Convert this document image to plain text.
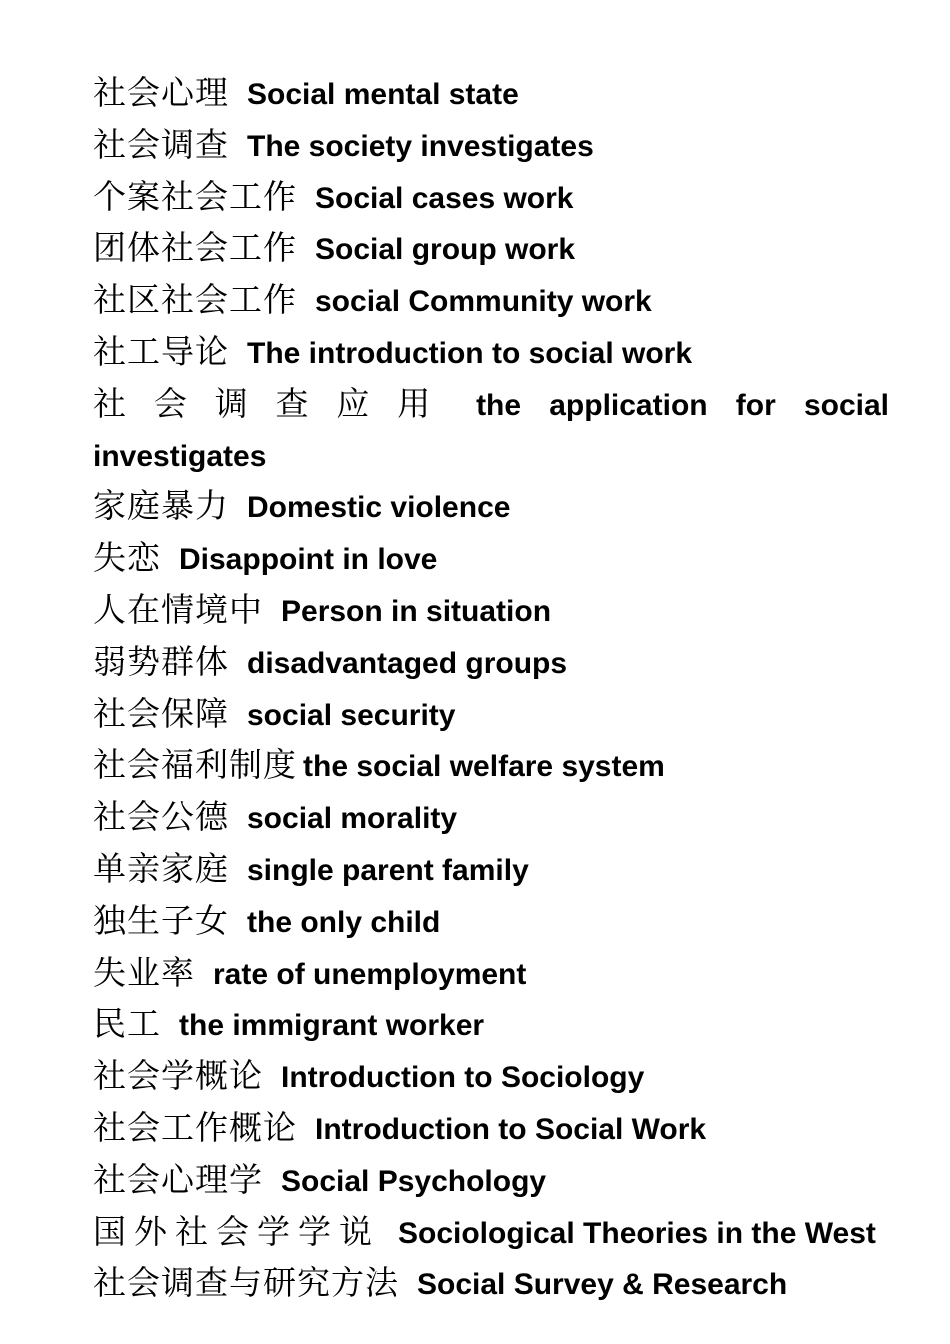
社会心理 Social mental state
社会调查 The society investigates
个案社会工作 Social cases work
团体社会工作 Social group work
社区社会工作 social Community work
社工导论 The introduction to social work
社会调查应用 the application for social investigates
家庭暴力 Domestic violence
失恋 Disappoint in love
人在情境中 Person in situation
弱势群体 disadvantaged groups
社会保障 social security
社会福利制度 the social welfare system
社会公德 social morality
单亲家庭 single parent family
独生子女 the only child
失业率 rate of unemployment
民工 the immigrant worker
社会学概论 Introduction to Sociology
社会工作概论 Introduction to Social Work
社会心理学 Social Psychology
国外社会学学说 Sociological Theories in the West
社会调查与研究方法 Social Survey & Research
